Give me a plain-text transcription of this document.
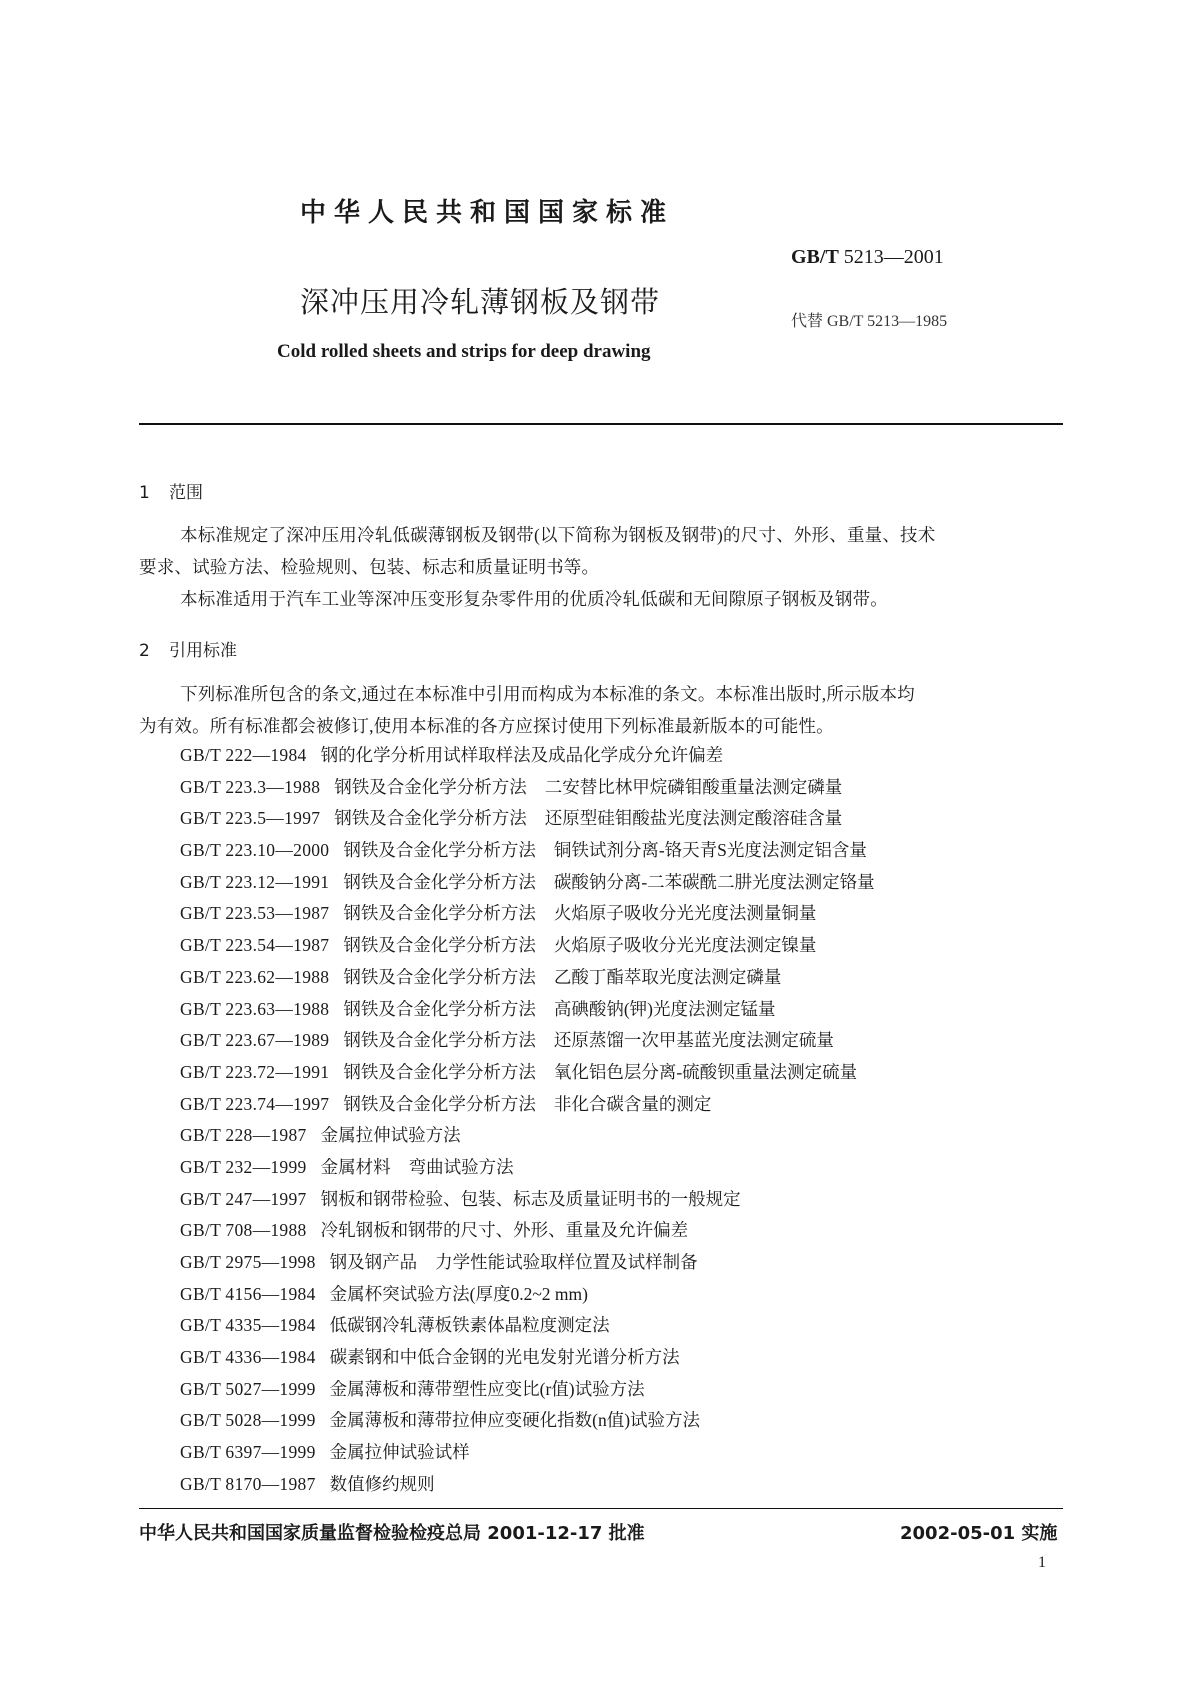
中华人民共和国国家标准
GB/T 5213—2001
深冲压用冷轧薄钢板及钢带
代替 GB/T 5213—1985
Cold rolled sheets and strips for deep drawing
1 范围
本标准规定了深冲压用冷轧低碳薄钢板及钢带(以下简称为钢板及钢带)的尺寸、外形、重量、技术
要求、试验方法、检验规则、包装、标志和质量证明书等。
本标准适用于汽车工业等深冲压变形复杂零件用的优质冷轧低碳和无间隙原子钢板及钢带。
2 引用标准
下列标准所包含的条文,通过在本标准中引用而构成为本标准的条文。本标准出版时,所示版本均
为有效。所有标准都会被修订,使用本标准的各方应探讨使用下列标准最新版本的可能性。
GB/T 222—1984 钢的化学分析用试样取样法及成品化学成分允许偏差
GB/T 223.3—1988 钢铁及合金化学分析方法 二安替比林甲烷磷钼酸重量法测定磷量
GB/T 223.5—1997 钢铁及合金化学分析方法 还原型硅钼酸盐光度法测定酸溶硅含量
GB/T 223.10—2000 钢铁及合金化学分析方法 铜铁试剂分离-铬天青S光度法测定铝含量
GB/T 223.12—1991 钢铁及合金化学分析方法 碳酸钠分离-二苯碳酰二肼光度法测定铬量
GB/T 223.53—1987 钢铁及合金化学分析方法 火焰原子吸收分光光度法测量铜量
GB/T 223.54—1987 钢铁及合金化学分析方法 火焰原子吸收分光光度法测定镍量
GB/T 223.62—1988 钢铁及合金化学分析方法 乙酸丁酯萃取光度法测定磷量
GB/T 223.63—1988 钢铁及合金化学分析方法 高碘酸钠(钾)光度法测定锰量
GB/T 223.67—1989 钢铁及合金化学分析方法 还原蒸馏一次甲基蓝光度法测定硫量
GB/T 223.72—1991 钢铁及合金化学分析方法 氧化铝色层分离-硫酸钡重量法测定硫量
GB/T 223.74—1997 钢铁及合金化学分析方法 非化合碳含量的测定
GB/T 228—1987 金属拉伸试验方法
GB/T 232—1999 金属材料 弯曲试验方法
GB/T 247—1997 钢板和钢带检验、包装、标志及质量证明书的一般规定
GB/T 708—1988 冷轧钢板和钢带的尺寸、外形、重量及允许偏差
GB/T 2975—1998 钢及钢产品 力学性能试验取样位置及试样制备
GB/T 4156—1984 金属杯突试验方法(厚度0.2~2 mm)
GB/T 4335—1984 低碳钢冷轧薄板铁素体晶粒度测定法
GB/T 4336—1984 碳素钢和中低合金钢的光电发射光谱分析方法
GB/T 5027—1999 金属薄板和薄带塑性应变比(r值)试验方法
GB/T 5028—1999 金属薄板和薄带拉伸应变硬化指数(n值)试验方法
GB/T 6397—1999 金属拉伸试验试样
GB/T 8170—1987 数值修约规则
中华人民共和国国家质量监督检验检疫总局 2001-12-17 批准	2002-05-01 实施
1
